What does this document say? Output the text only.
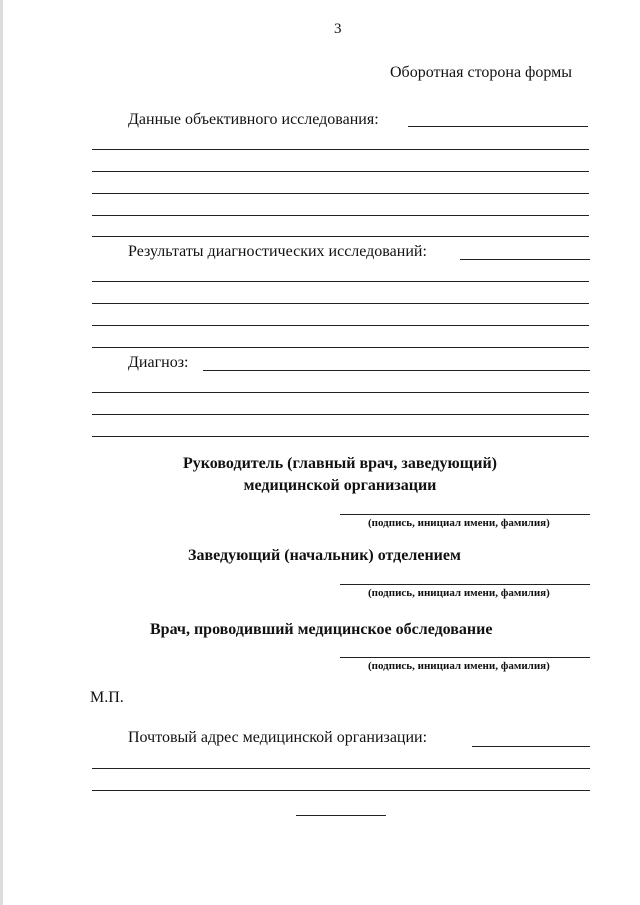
3
Оборотная сторона формы
Данные объективного исследования:
Результаты диагностических исследований:
Диагноз:
Руководитель (главный врач, заведующий)
медицинской организации
(подпись, инициал имени, фамилия)
Заведующий (начальник) отделением
(подпись, инициал имени, фамилия)
Врач, проводивший медицинское обследование
(подпись, инициал имени, фамилия)
М.П.
Почтовый адрес медицинской организации:
